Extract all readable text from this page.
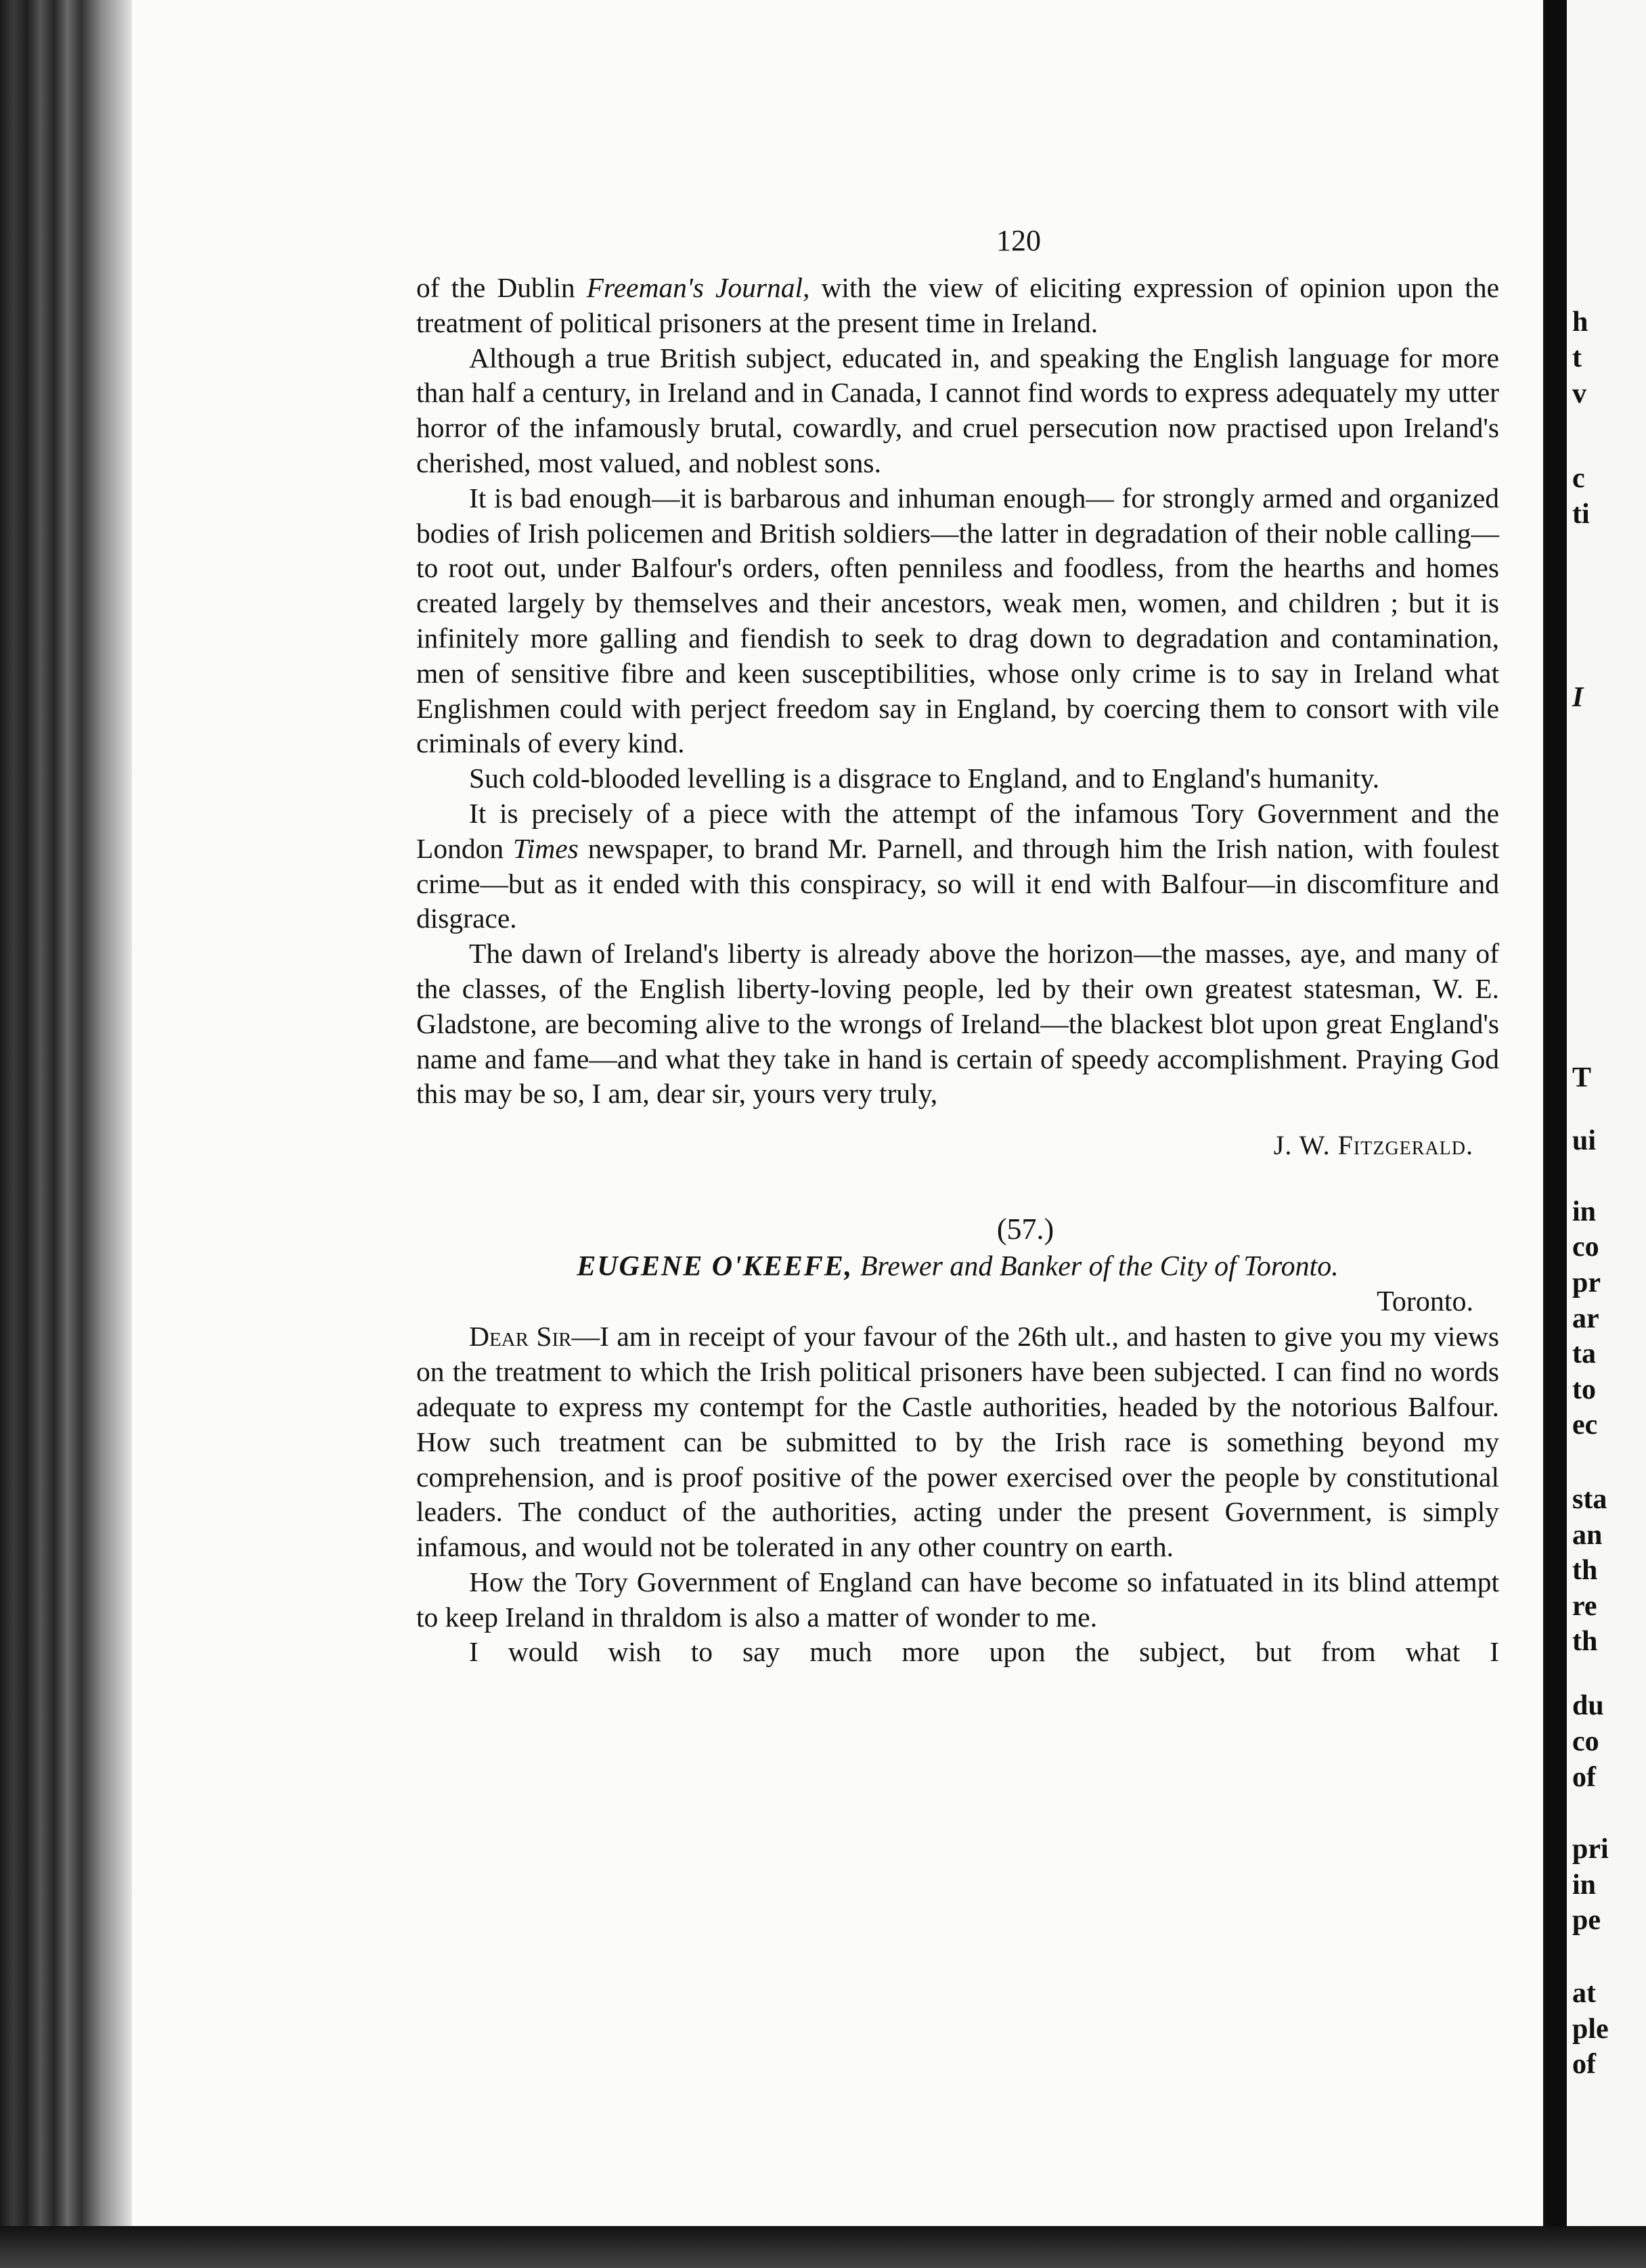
h
t
v
c
ti
I
T
ui
in
co
pr
ar
ta
to
ec
sta
an
th
re
th
du
co
of
pri
in
pe
at
ple
of
120

of the Dublin Freeman's Journal, with the view of eliciting expression of opinion upon the treatment of political prisoners at the present time in Ireland.

Although a true British subject, educated in, and speaking the English language for more than half a century, in Ireland and in Canada, I cannot find words to express adequately my utter horror of the infamously brutal, cowardly, and cruel persecution now practised upon Ireland's cherished, most valued, and noblest sons.

It is bad enough—it is barbarous and inhuman enough— for strongly armed and organized bodies of Irish policemen and British soldiers—the latter in degradation of their noble calling—to root out, under Balfour's orders, often penniless and foodless, from the hearths and homes created largely by themselves and their ancestors, weak men, women, and children ; but it is infinitely more galling and fiendish to seek to drag down to degradation and contamination, men of sensitive fibre and keen susceptibilities, whose only crime is to say in Ireland what Englishmen could with perject freedom say in England, by coercing them to consort with vile criminals of every kind.

Such cold-blooded levelling is a disgrace to England, and to England's humanity.

It is precisely of a piece with the attempt of the infamous Tory Government and the London Times newspaper, to brand Mr. Parnell, and through him the Irish nation, with foulest crime—but as it ended with this conspiracy, so will it end with Balfour—in discomfiture and disgrace.

The dawn of Ireland's liberty is already above the horizon—the masses, aye, and many of the classes, of the English liberty-loving people, led by their own greatest statesman, W. E. Gladstone, are becoming alive to the wrongs of Ireland—the blackest blot upon great England's name and fame—and what they take in hand is certain of speedy accomplishment. Praying God this may be so, I am, dear sir, yours very truly,

J. W. Fitzgerald.
(57.)
EUGENE O'KEEFE, Brewer and Banker of the City of Toronto.
Toronto.

Dear Sir—I am in receipt of your favour of the 26th ult., and hasten to give you my views on the treatment to which the Irish political prisoners have been subjected. I can find no words adequate to express my contempt for the Castle authorities, headed by the notorious Balfour. How such treatment can be submitted to by the Irish race is something beyond my comprehension, and is proof positive of the power exercised over the people by constitutional leaders. The conduct of the authorities, acting under the present Government, is simply infamous, and would not be tolerated in any other country on earth.

How the Tory Government of England can have become so infatuated in its blind attempt to keep Ireland in thraldom is also a matter of wonder to me.

I would wish to say much more upon the subject, but from what I
